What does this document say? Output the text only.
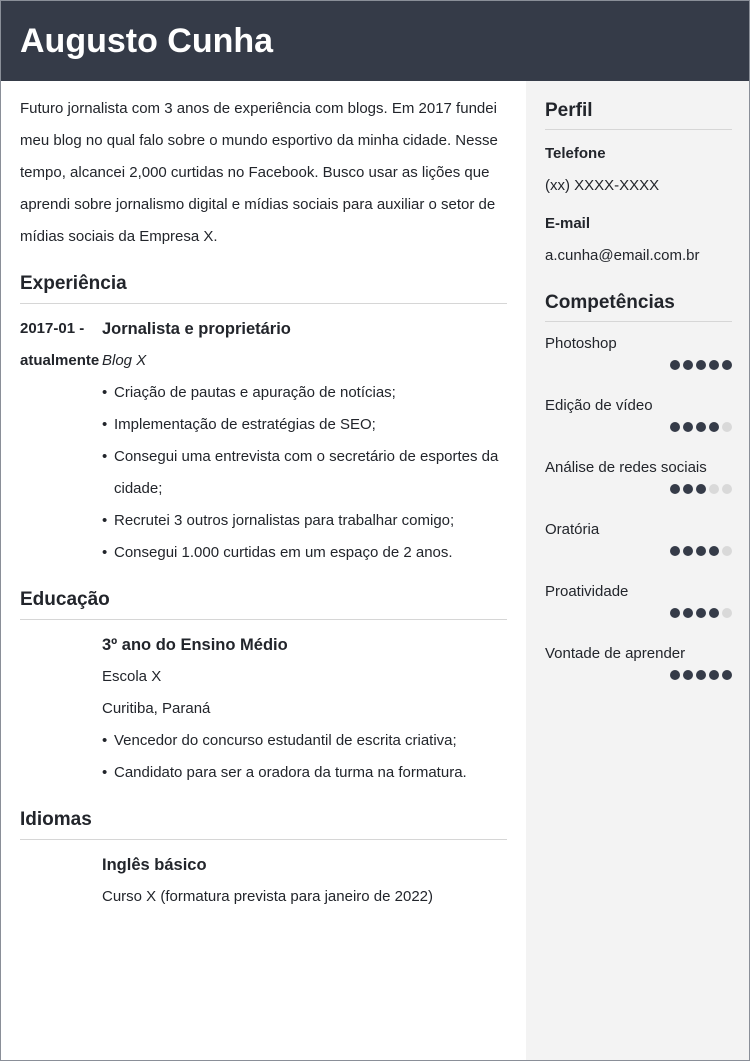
Augusto Cunha

Futuro jornalista com 3 anos de experiência com blogs. Em 2017 fundei meu blog no qual falo sobre o mundo esportivo da minha cidade. Nesse tempo, alcancei 2,000 curtidas no Facebook. Busco usar as lições que aprendi sobre jornalismo digital e mídias sociais para auxiliar o setor de mídias sociais da Empresa X.

Experiência
2017-01 -
atualmente
Jornalista e proprietário
Blog X
• Criação de pautas e apuração de notícias;
• Implementação de estratégias de SEO;
• Consegui uma entrevista com o secretário de esportes da cidade;
• Recrutei 3 outros jornalistas para trabalhar comigo;
• Consegui 1.000 curtidas em um espaço de 2 anos.
Educação
3º ano do Ensino Médio
Escola X
Curitiba, Paraná
• Vencedor do concurso estudantil de escrita criativa;
• Candidato para ser a oradora da turma na formatura.
Idiomas
Inglês básico
Curso X (formatura prevista para janeiro de 2022)
Perfil
Telefone
(xx) XXXX-XXXX
E-mail
a.cunha@email.com.br
Competências
Photoshop
Edição de vídeo
Análise de redes sociais
Oratória
Proatividade
Vontade de aprender
